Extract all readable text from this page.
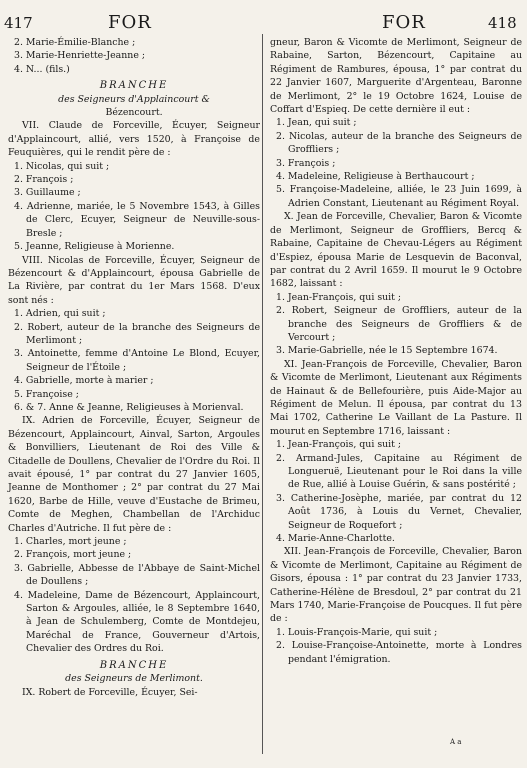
417	FOR	FOR	418

2. Marie-Émilie-Blanche ;

3. Marie-Henriette-Jeanne ;

4. N... (fils.)

BRANCHE

des Seigneurs d'Applaincourt &

Bézencourt.

VII. Claude de Forceville, Écuyer, Seigneur d'Applaincourt, allié, vers 1520, à Françoise de Feuquières, qui le rendit père de :

1. Nicolas, qui suit ;

2. François ;

3. Guillaume ;

4. Adrienne, mariée, le 5 Novembre 1543, à Gilles de Clerc, Ecuyer, Seigneur de Neuville-sous-Bresle ;

5. Jeanne, Religieuse à Morienne.

VIII. Nicolas de Forceville, Écuyer, Seigneur de Bézencourt & d'Applaincourt, épousa Gabrielle de La Rivière, par contrat du 1er Mars 1568. D'eux sont nés :

1. Adrien, qui suit ;

2. Robert, auteur de la branche des Seigneurs de Merlimont ;

3. Antoinette, femme d'Antoine Le Blond, Ecuyer, Seigneur de l'Étoile ;

4. Gabrielle, morte à marier ;

5. Françoise ;

6. & 7. Anne & Jeanne, Religieuses à Morienval.

IX. Adrien de Forceville, Écuyer, Seigneur de Bézencourt, Applaincourt, Ainval, Sarton, Argoules & Bonvilliers, Lieutenant de Roi des Ville & Citadelle de Doullens, Chevalier de l'Ordre du Roi. Il avait épousé, 1° par contrat du 27 Janvier 1605, Jeanne de Monthomer ; 2° par contrat du 27 Mai 1620, Barbe de Hille, veuve d'Eustache de Brimeu, Comte de Meghen, Chambellan de l'Archiduc Charles d'Autriche. Il fut père de :

1. Charles, mort jeune ;

2. François, mort jeune ;

3. Gabrielle, Abbesse de l'Abbaye de Saint-Michel de Doullens ;

4. Madeleine, Dame de Bézencourt, Applaincourt, Sarton & Argoules, alliée, le 8 Septembre 1640, à Jean de Schulemberg, Comte de Montdejeu, Maréchal de France, Gouverneur d'Artois, Chevalier des Ordres du Roi.

BRANCHE

des Seigneurs de Merlimont.

IX. Robert de Forceville, Écuyer, Sei-

gneur, Baron & Vicomte de Merlimont, Seigneur de Rabaine, Sarton, Bézencourt, Capitaine au Régiment de Rambures, épousa, 1° par contrat du 22 Janvier 1607, Marguerite d'Argenteau, Baronne de Merlimont, 2° le 19 Octobre 1624, Louise de Coffart d'Espieq. De cette dernière il eut :

1. Jean, qui suit ;

2. Nicolas, auteur de la branche des Seigneurs de Groffliers ;

3. François ;

4. Madeleine, Religieuse à Berthaucourt ;

5. Françoise-Madeleine, alliée, le 23 Juin 1699, à Adrien Constant, Lieutenant au Régiment Royal.

X. Jean de Forceville, Chevalier, Baron & Vicomte de Merlimont, Seigneur de Groffliers, Bercq & Rabaine, Capitaine de Chevau-Légers au Régiment d'Espiez, épousa Marie de Lesquevin de Baconval, par contrat du 2 Avril 1659. Il mourut le 9 Octobre 1682, laissant :

1. Jean-François, qui suit ;

2. Robert, Seigneur de Groffliers, auteur de la branche des Seigneurs de Groffliers & de Vercourt ;

3. Marie-Gabrielle, née le 15 Septembre 1674.

XI. Jean-François de Forceville, Chevalier, Baron & Vicomte de Merlimont, Lieutenant aux Régiments de Hainaut & de Bellefourière, puis Aide-Major au Régiment de Melun. Il épousa, par contrat du 13 Mai 1702, Catherine Le Vaillant de La Pasture. Il mourut en Septembre 1716, laissant :

1. Jean-François, qui suit ;

2. Armand-Jules, Capitaine au Régiment de Longueruë, Lieutenant pour le Roi dans la ville de Rue, allié à Louise Guérin, & sans postérité ;

3. Catherine-Josèphe, mariée, par contrat du 12 Août 1736, à Louis du Vernet, Chevalier, Seigneur de Roquefort ;

4. Marie-Anne-Charlotte.

XII. Jean-François de Forceville, Chevalier, Baron & Vicomte de Merlimont, Capitaine au Régiment de Gisors, épousa : 1° par contrat du 23 Janvier 1733, Catherine-Hélène de Bresdoul, 2° par contrat du 21 Mars 1740, Marie-Françoise de Poucques. Il fut père de :

1. Louis-François-Marie, qui suit ;

2. Louise-Françoise-Antoinette, morte à Londres pendant l'émigration.

A a
